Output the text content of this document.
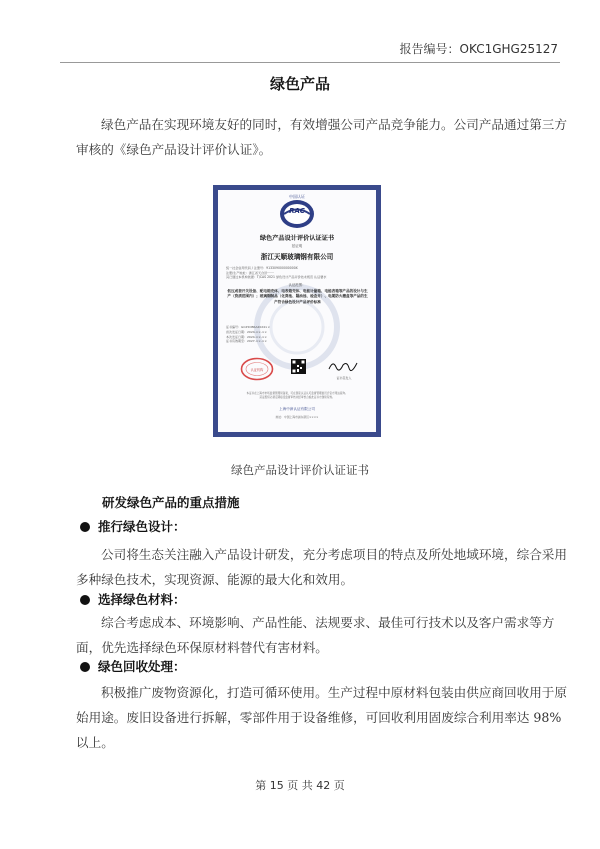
报告编号：OKC1GHG25127
绿色产品

绿色产品在实现环境友好的同时，有效增强公司产品竞争能力。公司产品通过第三方审核的《绿色产品设计评价认证》。

中国认证
RAC
绿色产品设计评价认证证书
兹证明
浙江天顺玻璃钢有限公司
统一社会信用代码 / 注册号：913309000000000X
注册/生产地址：浙江省天台县·······
其已通过本机构依据：T/CAS 2021 绿色设计产品评价技术规范 认证要求
认证范围：
低压成套开关设备、配电箱壳体、电表箱壳体、电能计量箱、电能表箱等产品的设计与生产（资质范围内）；玻璃钢制品（化粪池、隔油池、检查井）、电缆防火槽盒等产品的生产符合绿色设计产品评价标准
证书编号：GC25CBRA2024××
首次发证日期：2024-××-××
本次发证日期：2024-××-××
证书有效期至：2027-××-××
认证机构
证书签发人
本证书在上海市市场监督管理局备案，可在国家认证认可监督管理委员会官方网站查询。
获证组织必须定期接受监督审核并经审核合格此证书方继续有效。
上海中润认证有限公司
地址：中国上海市浦东新区××××
绿色产品设计评价认证证书
研发绿色产品的重点措施
推行绿色设计：

公司将生态关注融入产品设计研发，充分考虑项目的特点及所处地域环境，综合采用多种绿色技术，实现资源、能源的最大化和效用。

选择绿色材料：

综合考虑成本、环境影响、产品性能、法规要求、最佳可行技术以及客户需求等方面，优先选择绿色环保原材料替代有害材料。

绿色回收处理：

积极推广废物资源化，打造可循环使用。生产过程中原材料包装由供应商回收用于原始用途。废旧设备进行拆解，零部件用于设备维修，可回收利用固废综合利用率达 98%以上。

第 15 页 共 42 页
